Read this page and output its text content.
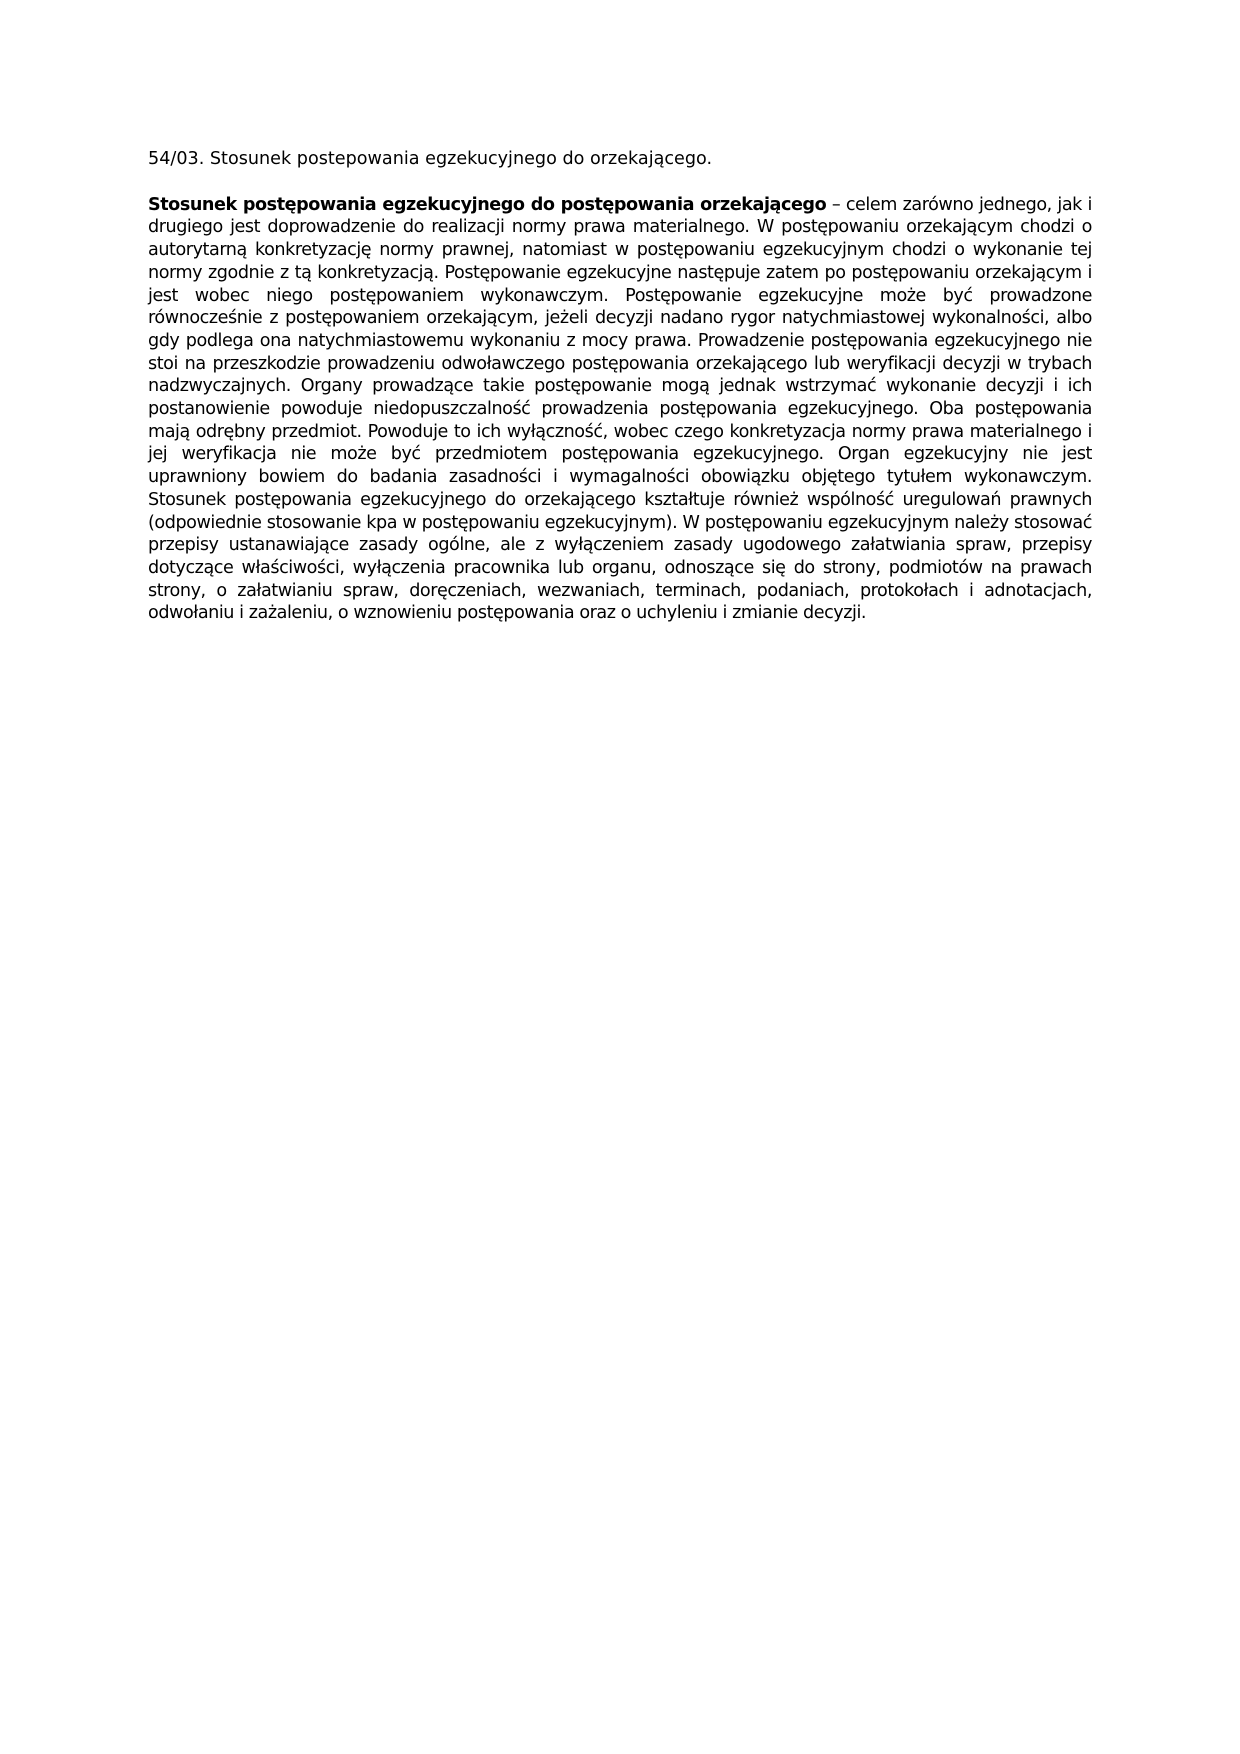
54/03. Stosunek postepowania egzekucyjnego do orzekającego.

Stosunek postępowania egzekucyjnego do postępowania orzekającego – celem zarówno jednego, jak i drugiego jest doprowadzenie do realizacji normy prawa materialnego. W postępowaniu orzekającym chodzi o autorytarną konkretyzację normy prawnej, natomiast w postępowaniu egzekucyjnym chodzi o wykonanie tej normy zgodnie z tą konkretyzacją. Postępowanie egzekucyjne następuje zatem po postępowaniu orzekającym i jest wobec niego postępowaniem wykonawczym. Postępowanie egzekucyjne może być prowadzone równocześnie z postępowaniem orzekającym, jeżeli decyzji nadano rygor natychmiastowej wykonalności, albo gdy podlega ona natychmiastowemu wykonaniu z mocy prawa. Prowadzenie postępowania egzekucyjnego nie stoi na przeszkodzie prowadzeniu odwoławczego postępowania orzekającego lub weryfikacji decyzji w trybach nadzwyczajnych. Organy prowadzące takie postępowanie mogą jednak wstrzymać wykonanie decyzji i ich postanowienie powoduje niedopuszczalność prowadzenia postępowania egzekucyjnego. Oba postępowania mają odrębny przedmiot. Powoduje to ich wyłączność, wobec czego konkretyzacja normy prawa materialnego i jej weryfikacja nie może być przedmiotem postępowania egzekucyjnego. Organ egzekucyjny nie jest uprawniony bowiem do badania zasadności i wymagalności obowiązku objętego tytułem wykonawczym. Stosunek postępowania egzekucyjnego do orzekającego kształtuje również wspólność uregulowań prawnych (odpowiednie stosowanie kpa w postępowaniu egzekucyjnym). W postępowaniu egzekucyjnym należy stosować przepisy ustanawiające zasady ogólne, ale z wyłączeniem zasady ugodowego załatwiania spraw, przepisy dotyczące właściwości, wyłączenia pracownika lub organu, odnoszące się do strony, podmiotów na prawach strony, o załatwianiu spraw, doręczeniach, wezwaniach, terminach, podaniach, protokołach i adnotacjach, odwołaniu i zażaleniu, o wznowieniu postępowania oraz o uchyleniu i zmianie decyzji.
